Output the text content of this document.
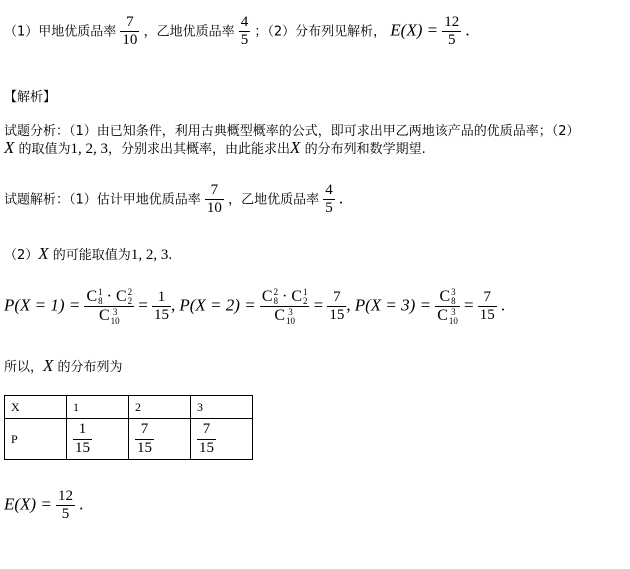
（1）甲地优质品率 $\frac{7}{10}$ ，乙地优质品率 $\frac{4}{5}$ ；（2）分布列见解析， $E(X) = \frac{12}{5}$ .
【解析】
试题分析：（1）由已知条件，利用古典概型概率的公式，即可求出甲乙两地该产品的优质品率；（2）
X 的取值为1, 2, 3，分别求出其概率，由此能求出X 的分布列和数学期望.
试题解析：（1）估计甲地优质品率 $\frac{7}{10}$ ，乙地优质品率 $\frac{4}{5}$ .
（2）X 的可能取值为1, 2, 3.
P(X = 1) = C 1
8 · C 2
2
C 3
$10 = \frac{1}{15}$ , P(X = 2) = C 2
8 · C 1
2
C 3
$10 = \frac{7}{15}$ , P(X = 3) = C 3
8
C 3
$10 = \frac{7}{15}$ .
所以，X 的分布列为
X	1	2	3
P	$\frac{1}{15}$	$\frac{7}{15}$	$\frac{7}{15}$
$E(X) = \frac{12}{5}$ .
